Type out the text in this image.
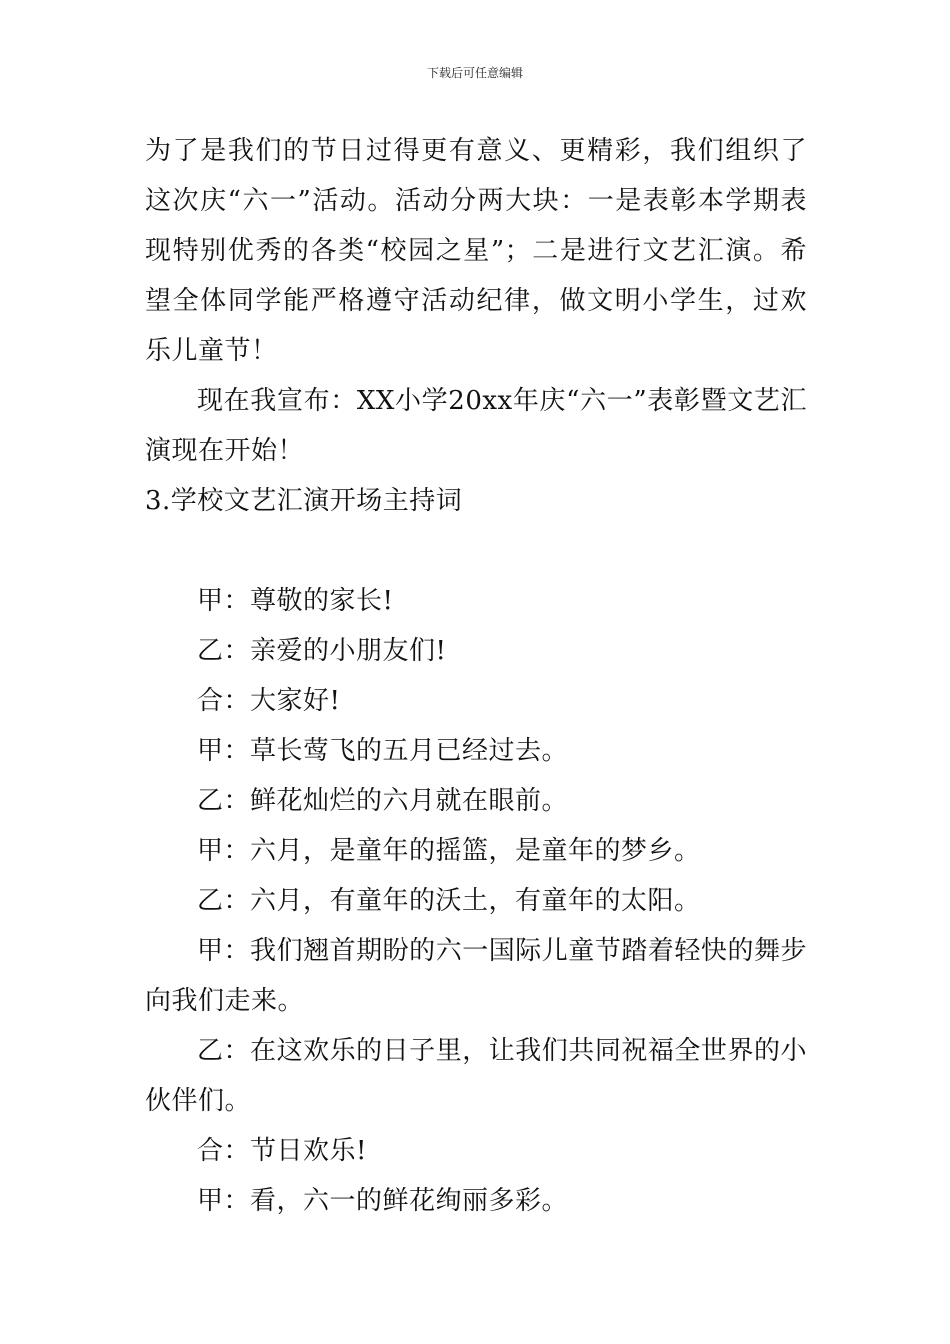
下载后可任意编辑

为了是我们的节日过得更有意义、更精彩，我们组织了这次庆“六一”活动。活动分两大块：一是表彰本学期表现特别优秀的各类“校园之星”；二是进行文艺汇演。希望全体同学能严格遵守活动纪律，做文明小学生，过欢乐儿童节！

现在我宣布：XX小学20xx年庆“六一”表彰暨文艺汇演现在开始！

3.学校文艺汇演开场主持词

甲：尊敬的家长!

乙：亲爱的小朋友们!

合：大家好!

甲：草长莺飞的五月已经过去。

乙：鲜花灿烂的六月就在眼前。

甲：六月，是童年的摇篮，是童年的梦乡。

乙：六月，有童年的沃土，有童年的太阳。

甲：我们翘首期盼的六一国际儿童节踏着轻快的舞步向我们走来。

乙：在这欢乐的日子里，让我们共同祝福全世界的小伙伴们。

合：节日欢乐!

甲：看，六一的鲜花绚丽多彩。
